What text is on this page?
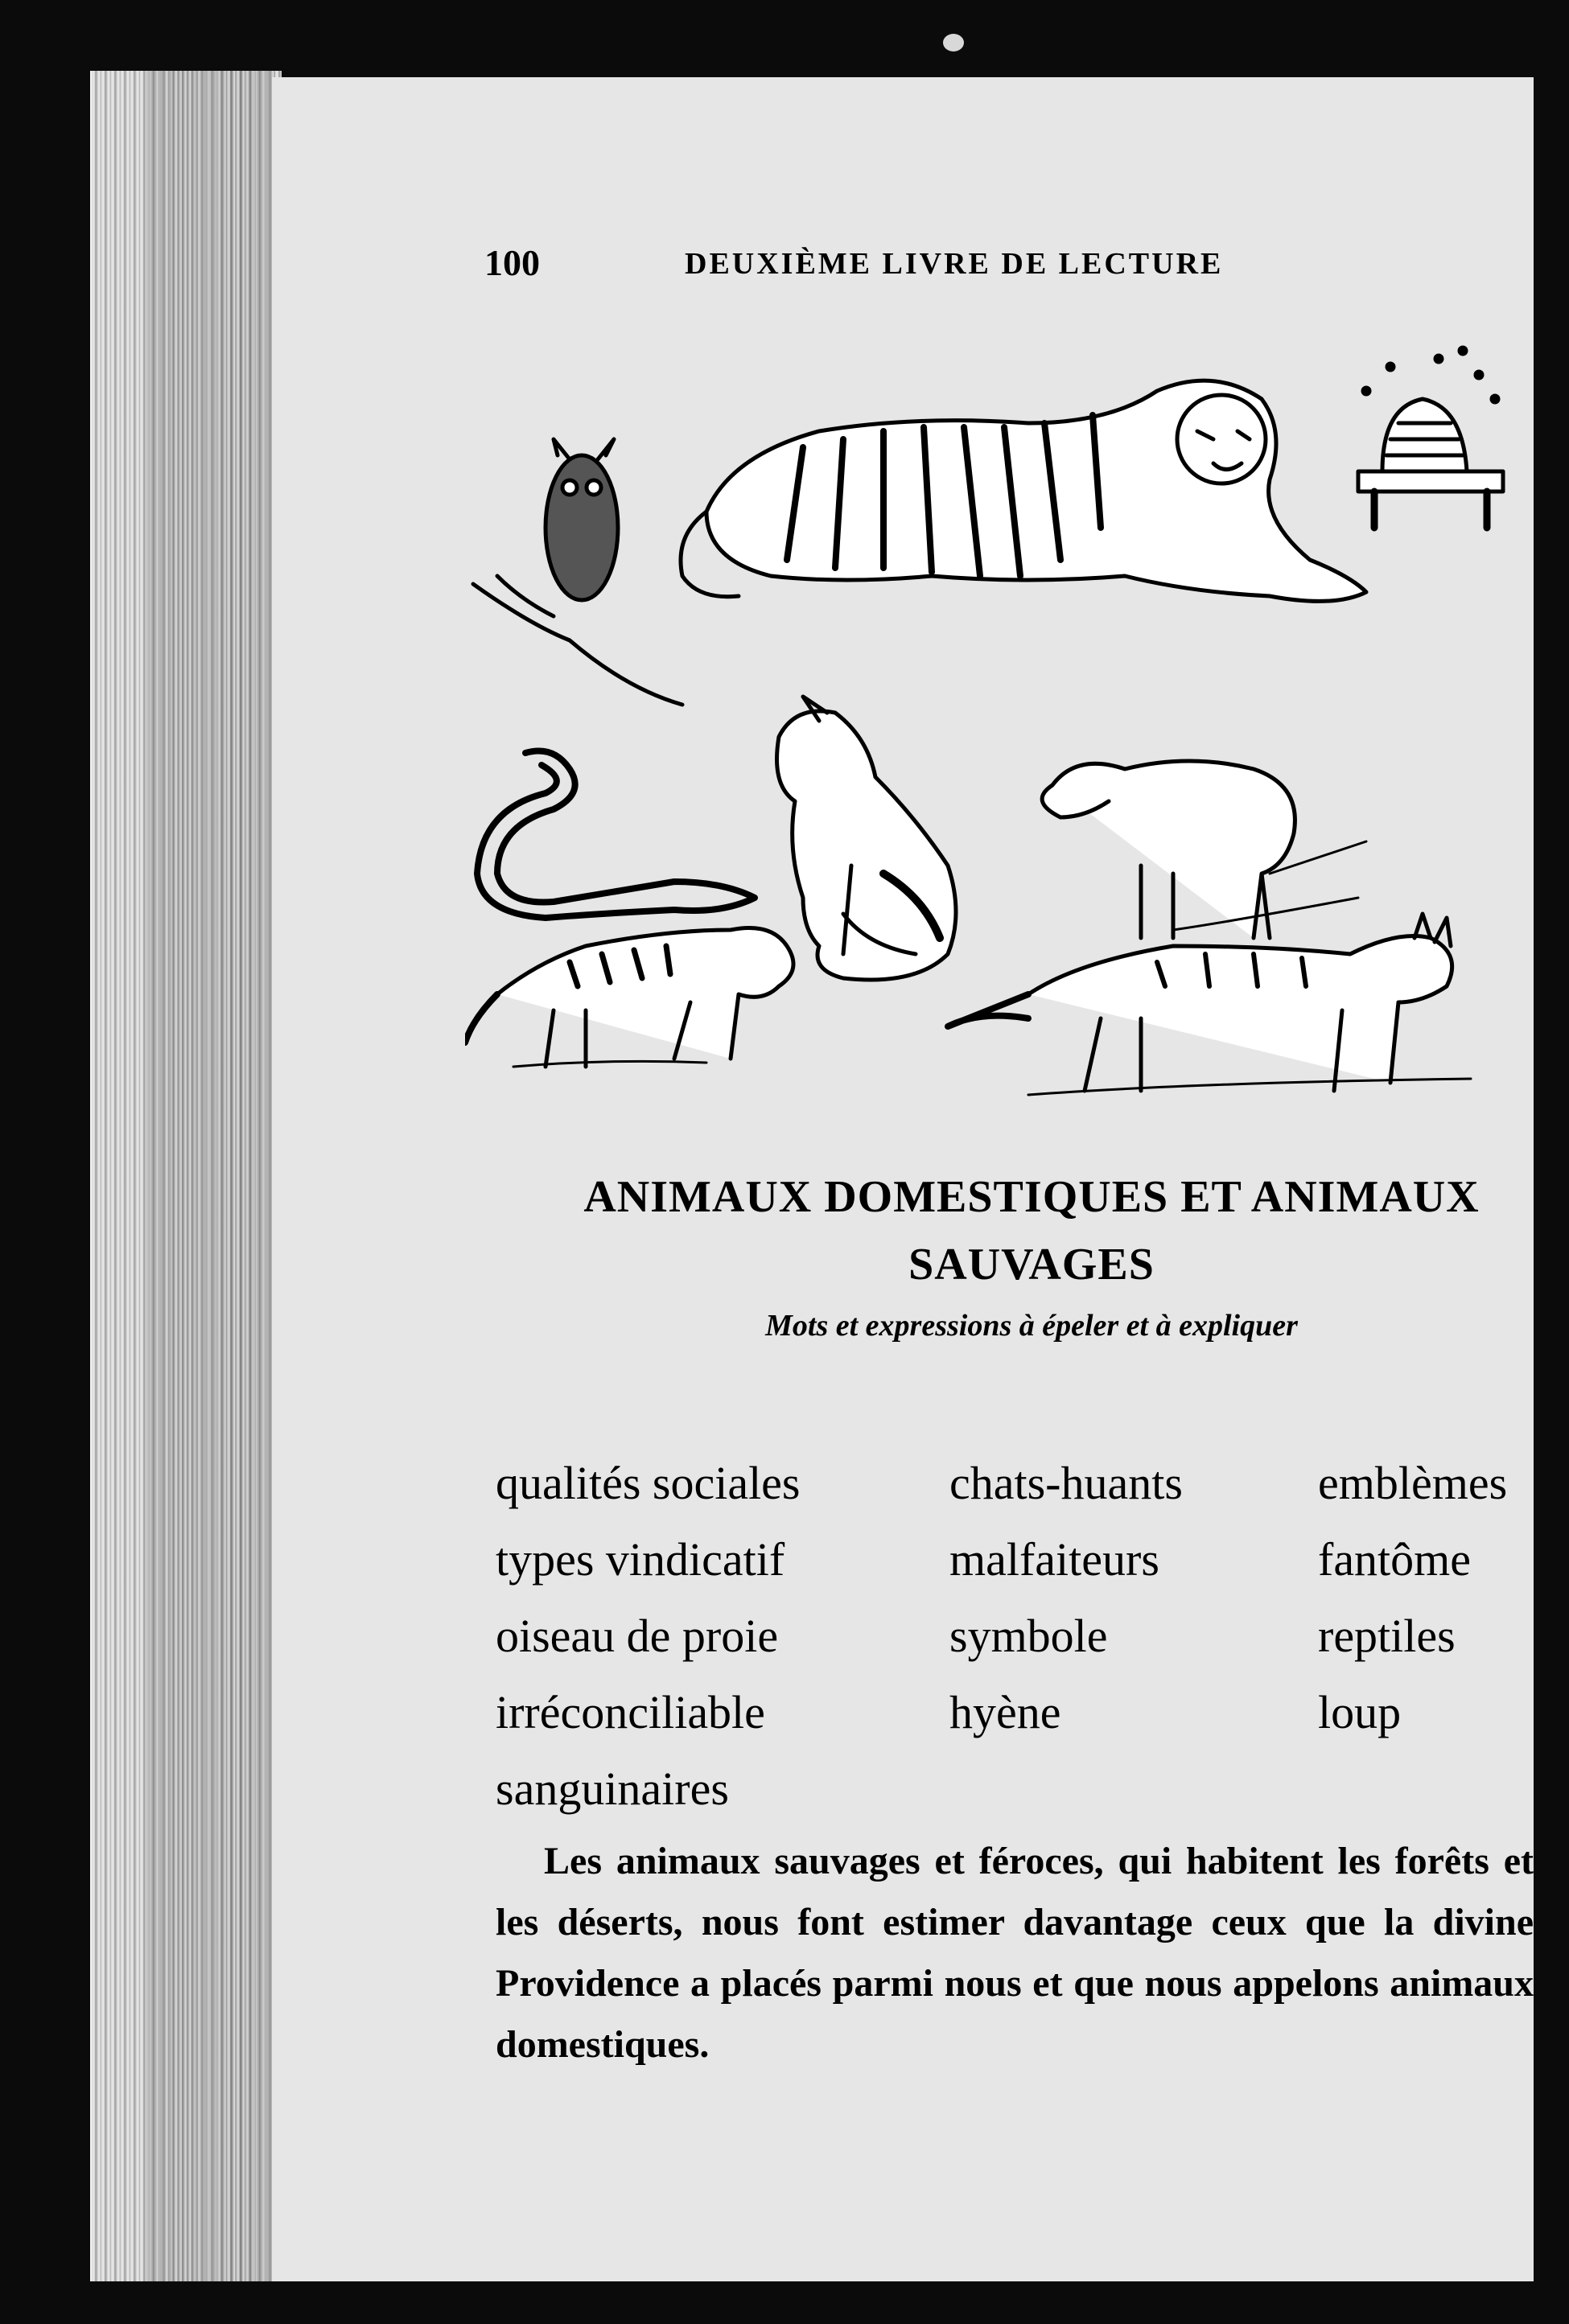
100	DEUXIÈME LIVRE DE LECTURE
ANIMAUX DOMESTIQUES ET ANIMAUX
SAUVAGES
Mots et expressions à épeler et à expliquer
qualités sociales
types vindicatif
oiseau de proie
irréconciliable
sanguinaires
chats-huants
malfaiteurs
symbole
hyène
emblèmes
fantôme
reptiles
loup
Les animaux sauvages et féroces, qui habitent les forêts et les déserts, nous font estimer davantage ceux que la divine Providence a placés parmi nous et que nous appelons animaux domestiques.
